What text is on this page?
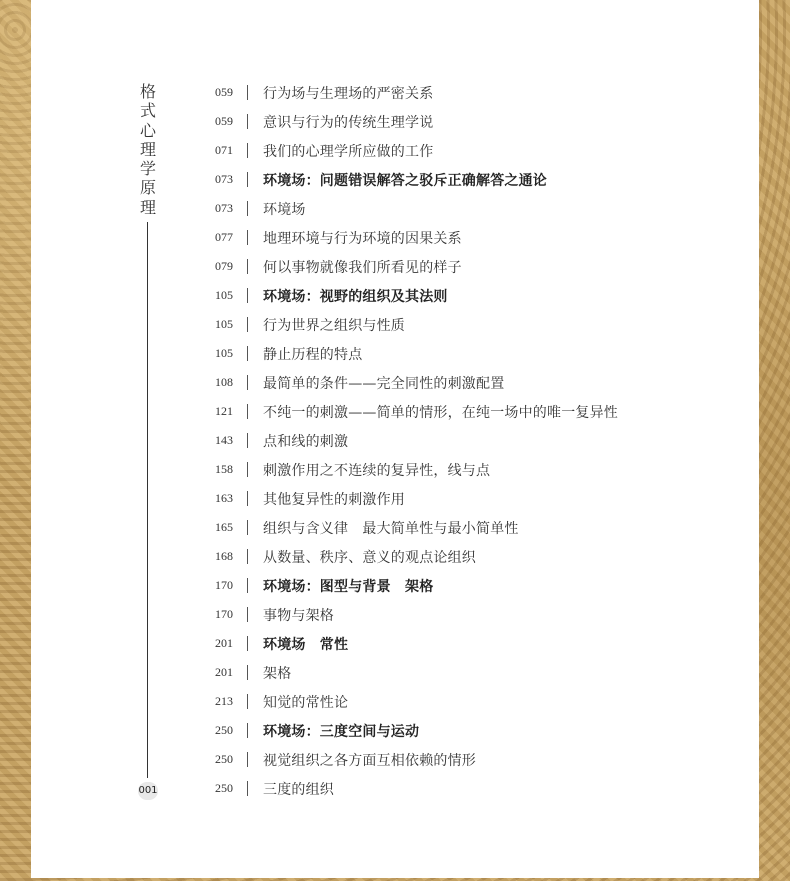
格式心理学原理
001
059 行为场与生理场的严密关系
059 意识与行为的传统生理学说
071 我们的心理学所应做的工作
073 环境场：问题错误解答之驳斥正确解答之通论
073 环境场
077 地理环境与行为环境的因果关系
079 何以事物就像我们所看见的样子
105 环境场：视野的组织及其法则
105 行为世界之组织与性质
105 静止历程的特点
108 最简单的条件——完全同性的刺激配置
121 不纯一的刺激——简单的情形，在纯一场中的唯一复异性
143 点和线的刺激
158 刺激作用之不连续的复异性，线与点
163 其他复异性的刺激作用
165 组织与含义律　最大简单性与最小简单性
168 从数量、秩序、意义的观点论组织
170 环境场：图型与背景　架格
170 事物与架格
201 环境场　常性
201 架格
213 知觉的常性论
250 环境场：三度空间与运动
250 视觉组织之各方面互相依赖的情形
250 三度的组织
